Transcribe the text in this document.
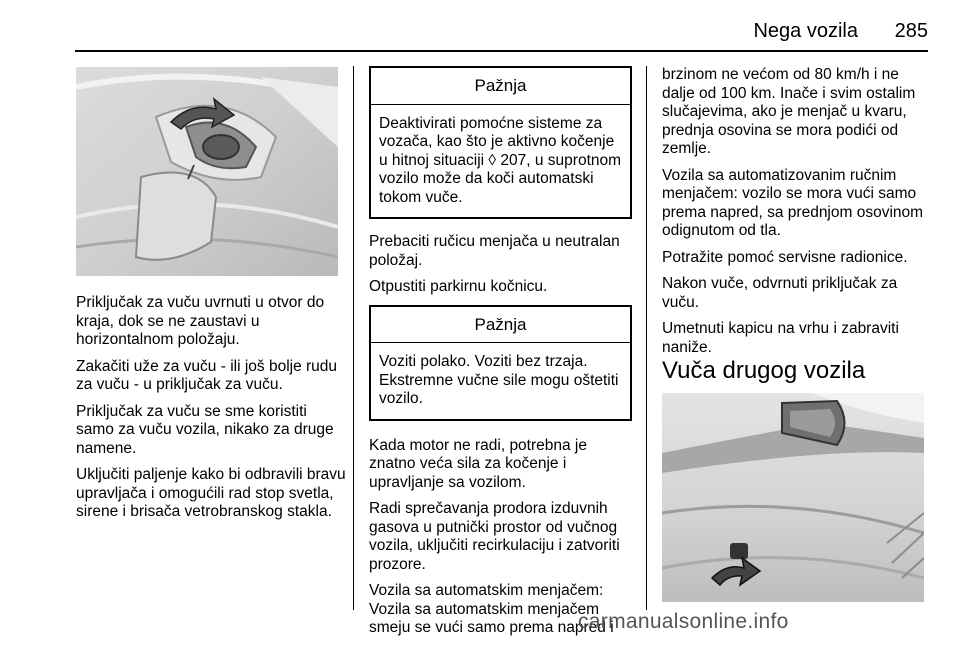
Nega vozila 285

Priključak za vuču uvrnuti u otvor do kraja, dok se ne zaustavi u horizontalnom položaju.

Zakačiti uže za vuču - ili još bolje rudu za vuču - u priključak za vuču.

Priključak za vuču se sme koristiti samo za vuču vozila, nikako za druge namene.

Uključiti paljenje kako bi odbravili bravu upravljača i omogućili rad stop svetla, sirene i brisača vetrobranskog stakla.

Pažnja
Deaktivirati pomoćne sisteme za vozača, kao što je aktivno kočenje u hitnoj situaciji ◊ 207, u suprotnom vozilo može da koči automatski tokom vuče.

Prebaciti ručicu menjača u neutralan položaj.

Otpustiti parkirnu kočnicu.

Pažnja
Voziti polako. Voziti bez trzaja. Ekstremne vučne sile mogu oštetiti vozilo.

Kada motor ne radi, potrebna je znatno veća sila za kočenje i upravljanje sa vozilom.

Radi sprečavanja prodora izduvnih gasova u putnički prostor od vučnog vozila, uključiti recirkulaciju i zatvoriti prozore.

Vozila sa automatskim menjačem: Vozila sa automatskim menjačem smeju se vući samo prema napred i

brzinom ne većom od 80 km/h i ne dalje od 100 km. Inače i svim ostalim slučajevima, ako je menjač u kvaru, prednja osovina se mora podići od zemlje.

Vozila sa automatizovanim ručnim menjačem: vozilo se mora vući samo prema napred, sa prednjom osovinom odignutom od tla.

Potražite pomoć servisne radionice.

Nakon vuče, odvrnuti priključak za vuču.

Umetnuti kapicu na vrhu i zabraviti naniže.

Vuča drugog vozila
carmanualsonline.info
